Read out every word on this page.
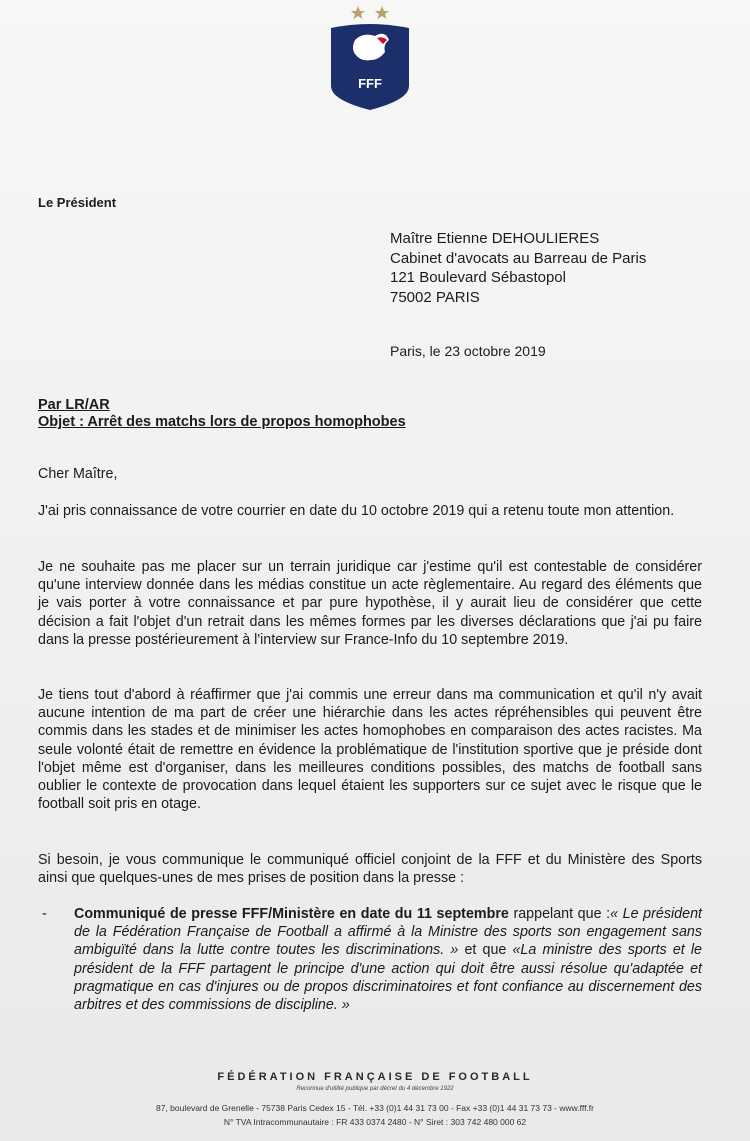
FFF
Le Président
Maître Etienne DEHOULIERES
Cabinet d'avocats au Barreau de Paris
121 Boulevard Sébastopol
75002 PARIS
Paris, le 23 octobre 2019
Par LR/AR
Objet : Arrêt des matchs lors de propos homophobes
Cher Maître,
J'ai pris connaissance de votre courrier en date du 10 octobre 2019 qui a retenu toute mon attention.
Je ne souhaite pas me placer sur un terrain juridique car j'estime qu'il est contestable de considérer qu'une interview donnée dans les médias constitue un acte règlementaire. Au regard des éléments que je vais porter à votre connaissance et par pure hypothèse, il y aurait lieu de considérer que cette décision a fait l'objet d'un retrait dans les mêmes formes par les diverses déclarations que j'ai pu faire dans la presse postérieurement à l'interview sur France-Info du 10 septembre 2019.
Je tiens tout d'abord à réaffirmer que j'ai commis une erreur dans ma communication et qu'il n'y avait aucune intention de ma part de créer une hiérarchie dans les actes répréhensibles qui peuvent être commis dans les stades et de minimiser les actes homophobes en comparaison des actes racistes. Ma seule volonté était de remettre en évidence la problématique de l'institution sportive que je préside dont l'objet même est d'organiser, dans les meilleures conditions possibles, des matchs de football sans oublier le contexte de provocation dans lequel étaient les supporters sur ce sujet avec le risque que le football soit pris en otage.
Si besoin, je vous communique le communiqué officiel conjoint de la FFF et du Ministère des Sports ainsi que quelques-unes de mes prises de position dans la presse :
- Communiqué de presse FFF/Ministère en date du 11 septembre rappelant que :« Le président de la Fédération Française de Football a affirmé à la Ministre des sports son engagement sans ambiguïté dans la lutte contre toutes les discriminations. » et que «La ministre des sports et le président de la FFF partagent le principe d'une action qui doit être aussi résolue qu'adaptée et pragmatique en cas d'injures ou de propos discriminatoires et font confiance au discernement des arbitres et des commissions de discipline. »
FÉDÉRATION FRANÇAISE DE FOOTBALL
Reconnue d'utilité publique par décret du 4 décembre 1922
87, boulevard de Grenelle - 75738 Paris Cedex 15 - Tél. +33 (0)1 44 31 73 00 - Fax +33 (0)1 44 31 73 73 - www.fff.fr
N° TVA Intracommunautaire : FR 433 0374 2480 - N° Siret : 303 742 480 000 62
